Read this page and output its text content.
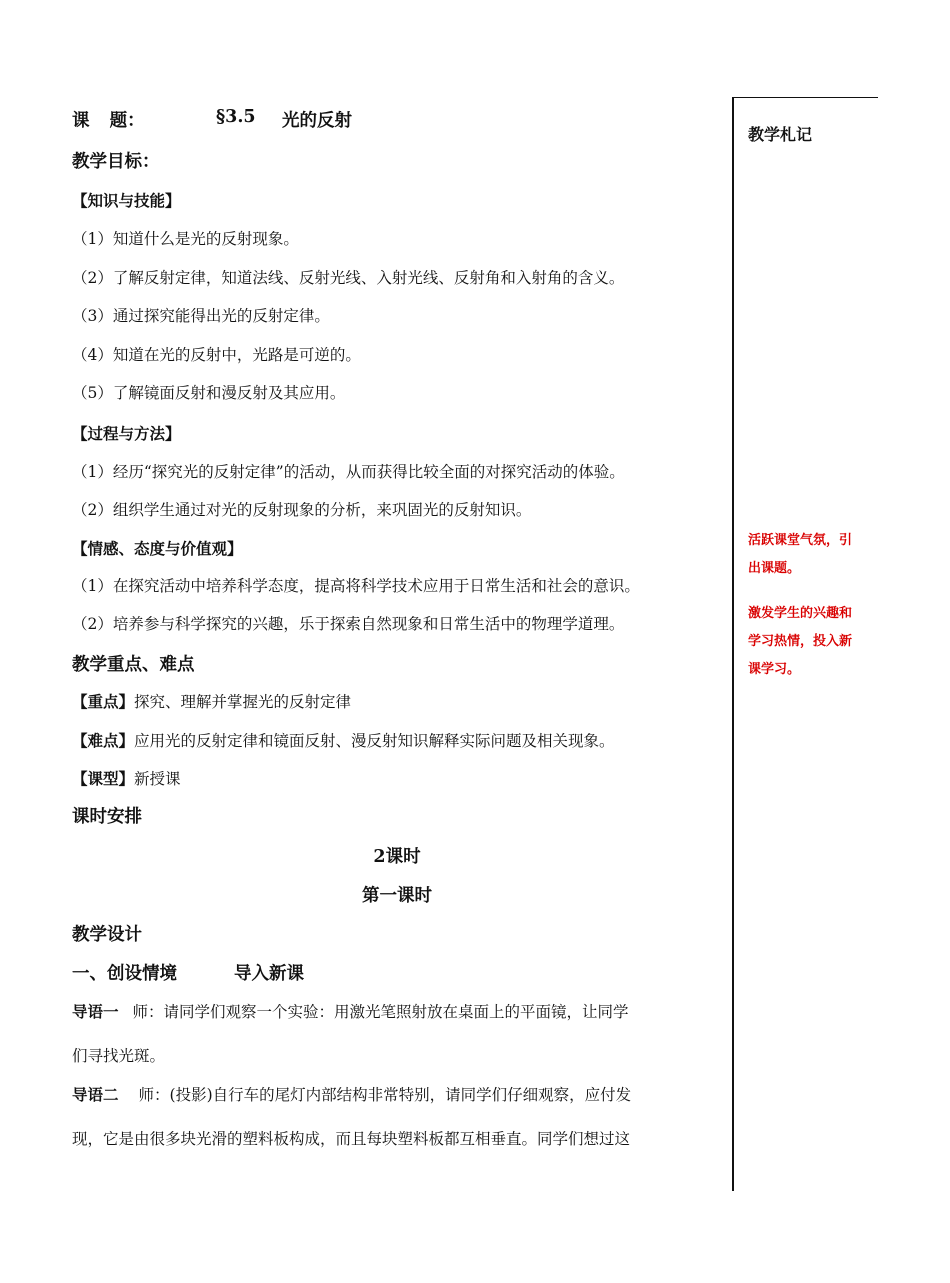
课 题：	§3.5 光的反射
教学目标：
【知识与技能】
（1）知道什么是光的反射现象。
（2）了解反射定律，知道法线、反射光线、入射光线、反射角和入射角的含义。
（3）通过探究能得出光的反射定律。
（4）知道在光的反射中，光路是可逆的。
（5）了解镜面反射和漫反射及其应用。
【过程与方法】
（1）经历“探究光的反射定律”的活动，从而获得比较全面的对探究活动的体验。
（2）组织学生通过对光的反射现象的分析，来巩固光的反射知识。
【情感、态度与价值观】
（1）在探究活动中培养科学态度，提高将科学技术应用于日常生活和社会的意识。
（2）培养参与科学探究的兴趣，乐于探索自然现象和日常生活中的物理学道理。
教学重点、难点
【重点】探究、理解并掌握光的反射定律
【难点】应用光的反射定律和镜面反射、漫反射知识解释实际问题及相关现象。
【课型】新授课
课时安排
2课时
第一课时
教学设计
一、创设情境	导入新课
导语一 师：请同学们观察一个实验：用激光笔照射放在桌面上的平面镜，让同学
们寻找光斑。
导语二 师：(投影)自行车的尾灯内部结构非常特别，请同学们仔细观察，应付发
现，它是由很多块光滑的塑料板构成，而且每块塑料板都互相垂直。同学们想过这
教学札记
活跃课堂气氛，引
出课题。
激发学生的兴趣和
学习热情，投入新
课学习。
